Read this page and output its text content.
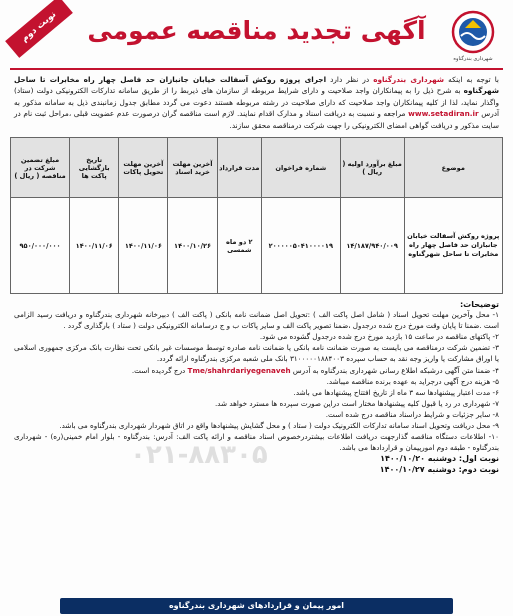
نوبت دوم	آگهی تجدید مناقصه عمومی
شهرداری بندرگناوه
با توجه به اینکه شهرداری بندرگناوه در نظر دارد اجرای پروژه روکش آسفالت خیابان جانبازان حد فاصل چهار راه مخابرات تا ساحل شهرگناوه به شرح ذیل را به پیمانکاران واجد صلاحیت و دارای شرایط مربوطه از سازمان های ذیربط را از طریق سامانه تدارکات الکترونیکی دولت (ستاد) واگذار نماید، لذا از کلیه پیمانکاران واجد صلاحیت که دارای صلاحیت در رشته مربوطه هستند دعوت می گردد مطابق جدول زمانبندی ذیل به سامانه مذکور به آدرس www.setadiran.ir مراجعه و نسبت به دریافت اسناد و مدارک اقدام نمایند. لازم است مناقصه گران درصورت عدم عضویت قبلی ،مراحل ثبت نام در سایت مذکور و دریافت گواهی امضای الکترونیکی را جهت شرکت درمناقصه محقق سازند.
موضوع	مبلغ برآورد اولیه ( ریال )	شماره فراخوان	مدت قرارداد	آخرین مهلت خرید اسناد	آخرین مهلت تحویل پاکات	تاریخ بازگشایی پاکت ها	مبلغ تضمین شرکت در مناقصه ( ریال )
پروژه روکش آسفالت خیابان جانبازان حد فاصل چهار راه مخابرات تا ساحل شهرگناوه	۱۴/۱۸۷/۹۴۰/۰۰۹	۲۰۰۰۰۰۵۰۴۱۰۰۰۰۱۹	۲ دو ماه شمسی	۱۴۰۰/۱۰/۲۶	۱۴۰۰/۱۱/۰۶	۱۴۰۰/۱۱/۰۶	۹۵۰/۰۰۰/۰۰۰
توضیحات:
۱- محل وآخرین مهلت تحویل اسناد ( شامل اصل پاکت الف ) :تحویل اصل ضمانت نامه بانکی ( پاکت الف ) دبیرخانه شهرداری بندرگناوه و دریافت رسید الزامی است .ضمنا تا پایان وقت مورخ درج شده درجدول ،ضمنا تصویر پاکت الف و سایر پاکات ب و ج درسامانه الکترونیکی دولت ( ستاد ) بارگذاری گردد .
۲- پاکتهای مناقصه در ساعت ۱۵ بازدید مورخ درج شده درجدول گشوده می شود.
۳- تضمین شرکت درمناقصه می بایست به صورت ضمانت نامه بانکی یا ضمانت نامه صادره توسط موسسات غیر بانکی تحت نظارت بانک مرکزی جمهوری اسلامی یا اوراق مشارکت یا واریز وجه نقد به حساب سپرده ۳۱۰۰۰۰۰۱۸۸۴۰۰۳ بانک ملی شعبه مرکزی بندرگناوه ارائه گردد.
۴- ضمنا متن آگهی درشبکه اطلاع رسانی شهرداری بندرگناوه به آدرس Tme/shahrdariyegenaveh درج گردیده است.
۵- هزینه درج آگهی درجراید به عهده برنده مناقصه میباشد.
۶- مدت اعتبار پیشنهادها سه ۳ ماه از تاریخ افتتاح پیشنهادها می باشد.
۷- شهرداری در رد یا قبول کلیه پیشنهادها مختار است دراین صورت سپرده ها مسترد خواهد شد.
۸- سایر جزئیات و شرایط دراسناد مناقصه درج شده است.
۹- محل دریافت وتحویل اسناد سامانه تدارکات الکترونیک دولت ( ستاد ) و محل گشایش پیشنهادها واقع در اتاق شهردار شهرداری بندرگناوه می باشد.
۱۰- اطلاعات دستگاه مناقصه گذارجهت دریافت اطلاعات بیشتردرخصوص اسناد مناقصه و ارائه پاکت الف: آدرس: بندرگناوه - بلوار امام خمینی(ره) - شهرداری بندرگناوه - طبقه دوم امورپیمان و قراردادها می باشد.
نوبت اول: دوشنبه ۱۴۰۰/۱۰/۲۰
نوبت دوم: دوشنبه ۱۴۰۰/۱۰/۲۷
۰۲۱-۸۸۳۰۵
امور پیمان و قراردادهای شهرداری بندرگناوه
